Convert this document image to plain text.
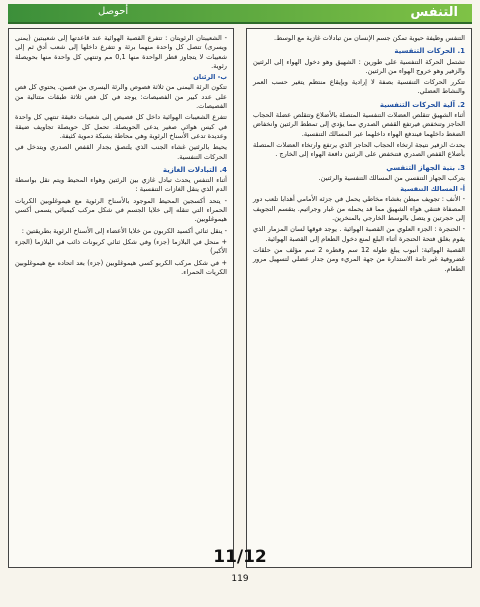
التنفس
أحوصل

التنفس وظيفة حيوية تمكن جسم الإنسان من تبادلات غازية مع الوسط.

1. الحركات التنفسية

تشتمل الحركة التنفسية على طورين : الشهيق وهو دخول الهواء إلى الرئتين والزفير وهو خروج الهواء من الرئتين.

تتكرر الحركات التنفسية بصفة لا إرادية وبإيقاع منتظم يتغير حسب العمر والنشاط العضلي.

2. آلية الحركات التنفسية

أثناء الشهيق تتقلص العضلات التنفسية المتصلة بالأضلاع وتتقلص عضلة الحجاب الحاجز وتنخفض فيرتفع القفص الصدري مما يؤدي إلى تمطط الرئتين وانخفاض الضغط داخلهما فيندفع الهواء داخلهما عبر المسالك التنفسية.

يحدث الزفير نتيجة ارتخاء الحجاب الحاجز الذي يرتفع وارتخاء العضلات المتصلة بأضلاع القفص الصدري فتنخفض على الرئتين دافعة الهواء إلى الخارج .

3. بنية الجهاز التنفسي

يتركب الجهاز التنفسي من المسالك التنفسية والرئتين.

أ- المسالك التنفسية

- الأنف : تجويف مبطن بغشاء مخاطي يحمل في جزئه الأمامي أهدابا تلعب دور المصفاة فتنقي هواء الشهيق مما قد يحمله من غبار وجراثيم. يتقسم التجويف إلى حجرتين و يتصل بالوسط الخارجي بالمنخرين.

- الحنجرة : الجزء العلوي من القصبة الهوائية . يوجد فوقها لسان المزمار الذي يقوم بغلق فتحة الحنجرة أثناء البلع لمنع دخول الطعام إلى القصبة الهوائية.

القصبة الهوائية: أنبوب يبلغ طوله 12 سم وقطره 2 سم مؤلف من حلقات غضروفية غير تامة الاستدارة من جهة المريء ومن جدار عضلي لتسهيل مرور الطعام.

- الشعيبتان الرئويتان : تتفرع القصبة الهوائية عند قاعدتها إلى شعيبتين (يمنى ويسرى) تتصل كل واحدة منهما برئة و تتفرع داخلها إلى شعب أدق ثم إلى شعيبات لا يتجاوز قطر الواحدة منها 0,1 مم وتنتهي كل واحدة منها بحويصلة رئوية.

ب- الرئتان

تتكون الرئة اليمنى من ثلاثة فصوص والرئة اليسرى من فصين. يحتوي كل فص على عدد كبير من الفصيصات: يوجد في كل فص ثلاثة طبقات متتالية من الفصيصات.

تتفرع الشعيبات الهوائية داخل كل فصيص إلى شعيبات دقيقة تنتهي كل واحدة في كيس هوائي صغير يدعى الحويصلة. تحمل كل حويصلة تجاويف ضيقة وعديدة تدعى الأسناخ الرئوية وهي محاطة بشبكة دموية كثيفة.

يحيط بالرئتين غشاء الجنب الذي يلتصق بجدار القفص الصدري ويتدخل في الحركات التنفسية.

4. التبادلات الغازية

أثناء التنفس يحدث تبادل غازي بين الرئتين وهواء المحيط ويتم نقل بواسطة الدم الذي ينقل الغازات التنفسية :

- يتحد أكسجين المحيط الموجود بالأسناخ الرئوية مع هيموغلوبين الكريات الحمراء التي تنقله إلى خلايا الجسم في شكل مركب كيميائي يسمى أكسي هيموغلوبين.

- ينقل ثنائي أكسيد الكربون من خلايا الأعضاء إلى الأسناخ الرئوية بطريقتين :

+ منحل في البلازما (جزء) وفي شكل ثنائي كربونات ذائب في البلازما (الجزء الأكبر)

+ في شكل مركب الكربو كسي هيموغلوبين (جزء) بعد اتحاده مع هيموغلوبين الكريات الحمراء.

11/12
119
